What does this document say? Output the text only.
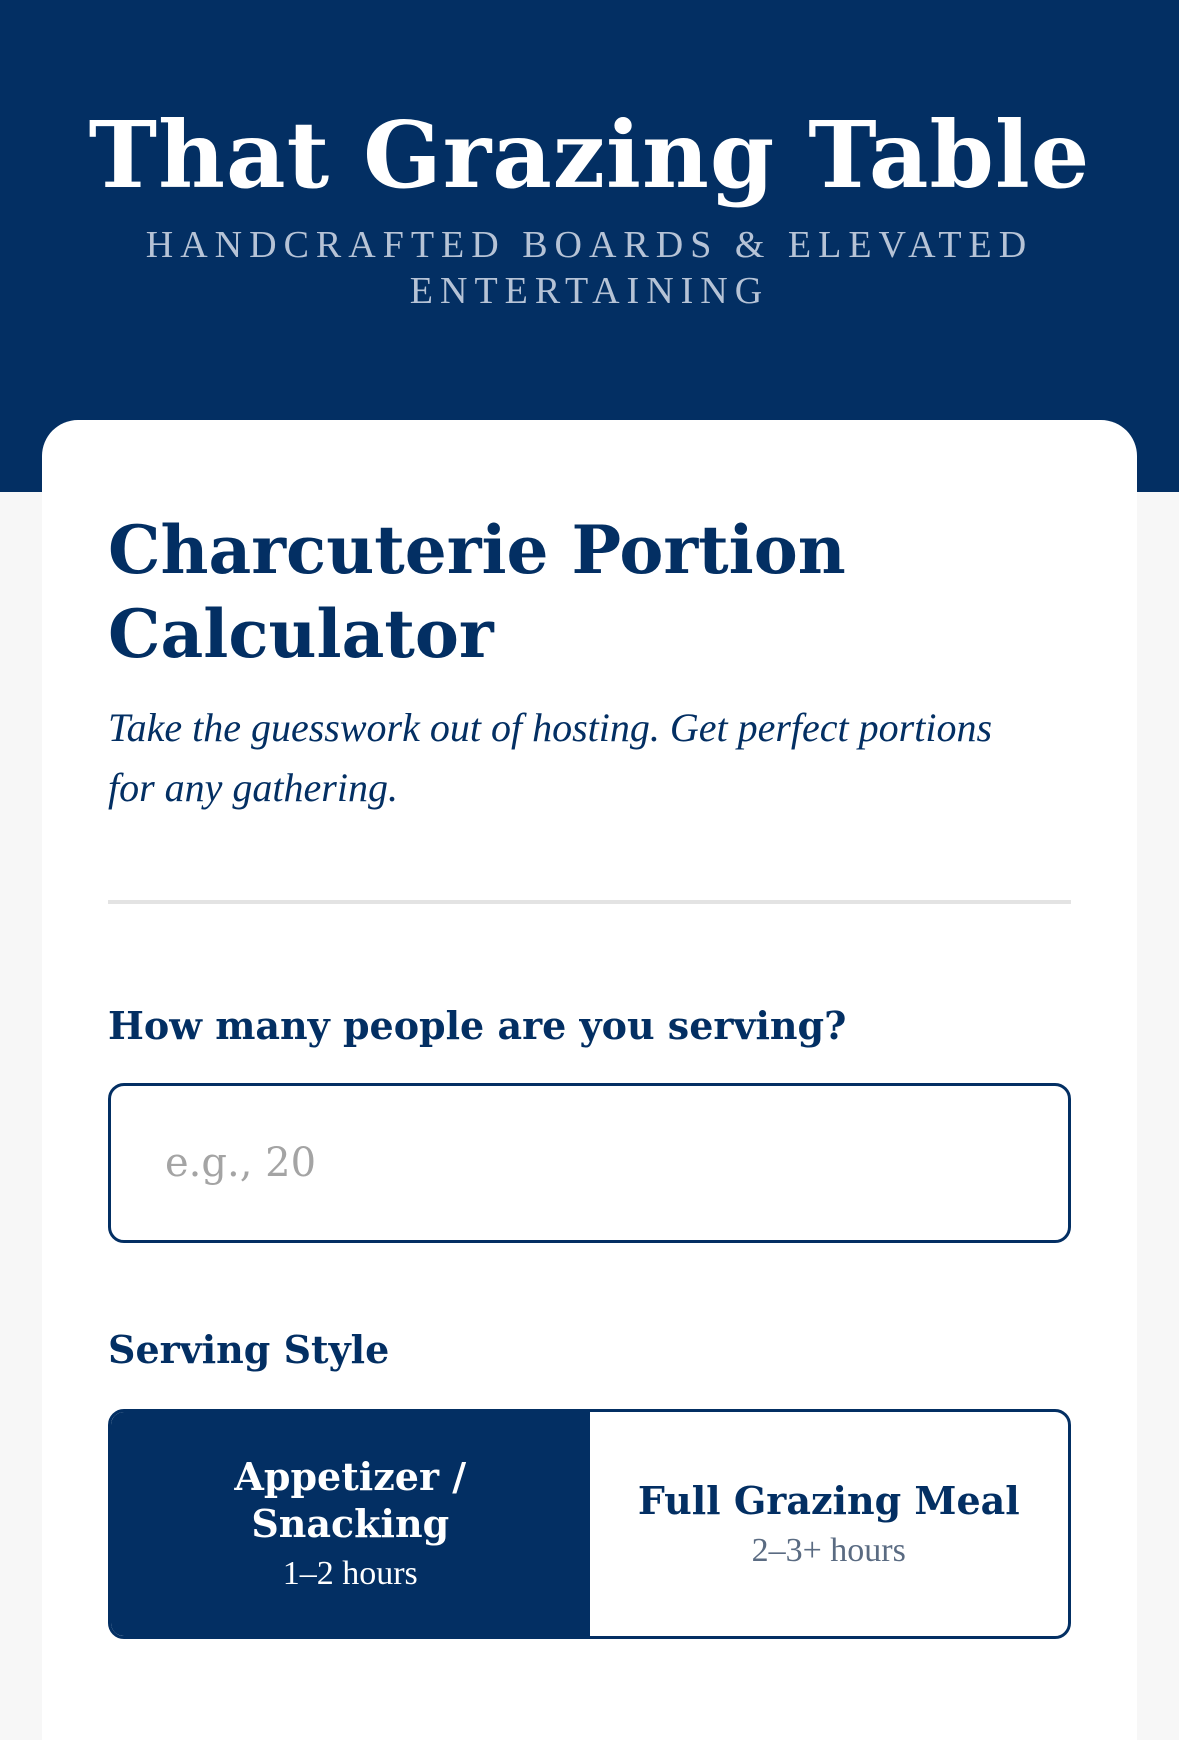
That Grazing Table
HANDCRAFTED BOARDS & ELEVATED ENTERTAINING
Charcuterie Portion Calculator

Take the guesswork out of hosting. Get perfect portions for any gathering.

How many people are you serving?
e.g., 20
Serving Style
Appetizer / Snacking
1–2 hours
Full Grazing Meal
2–3+ hours
